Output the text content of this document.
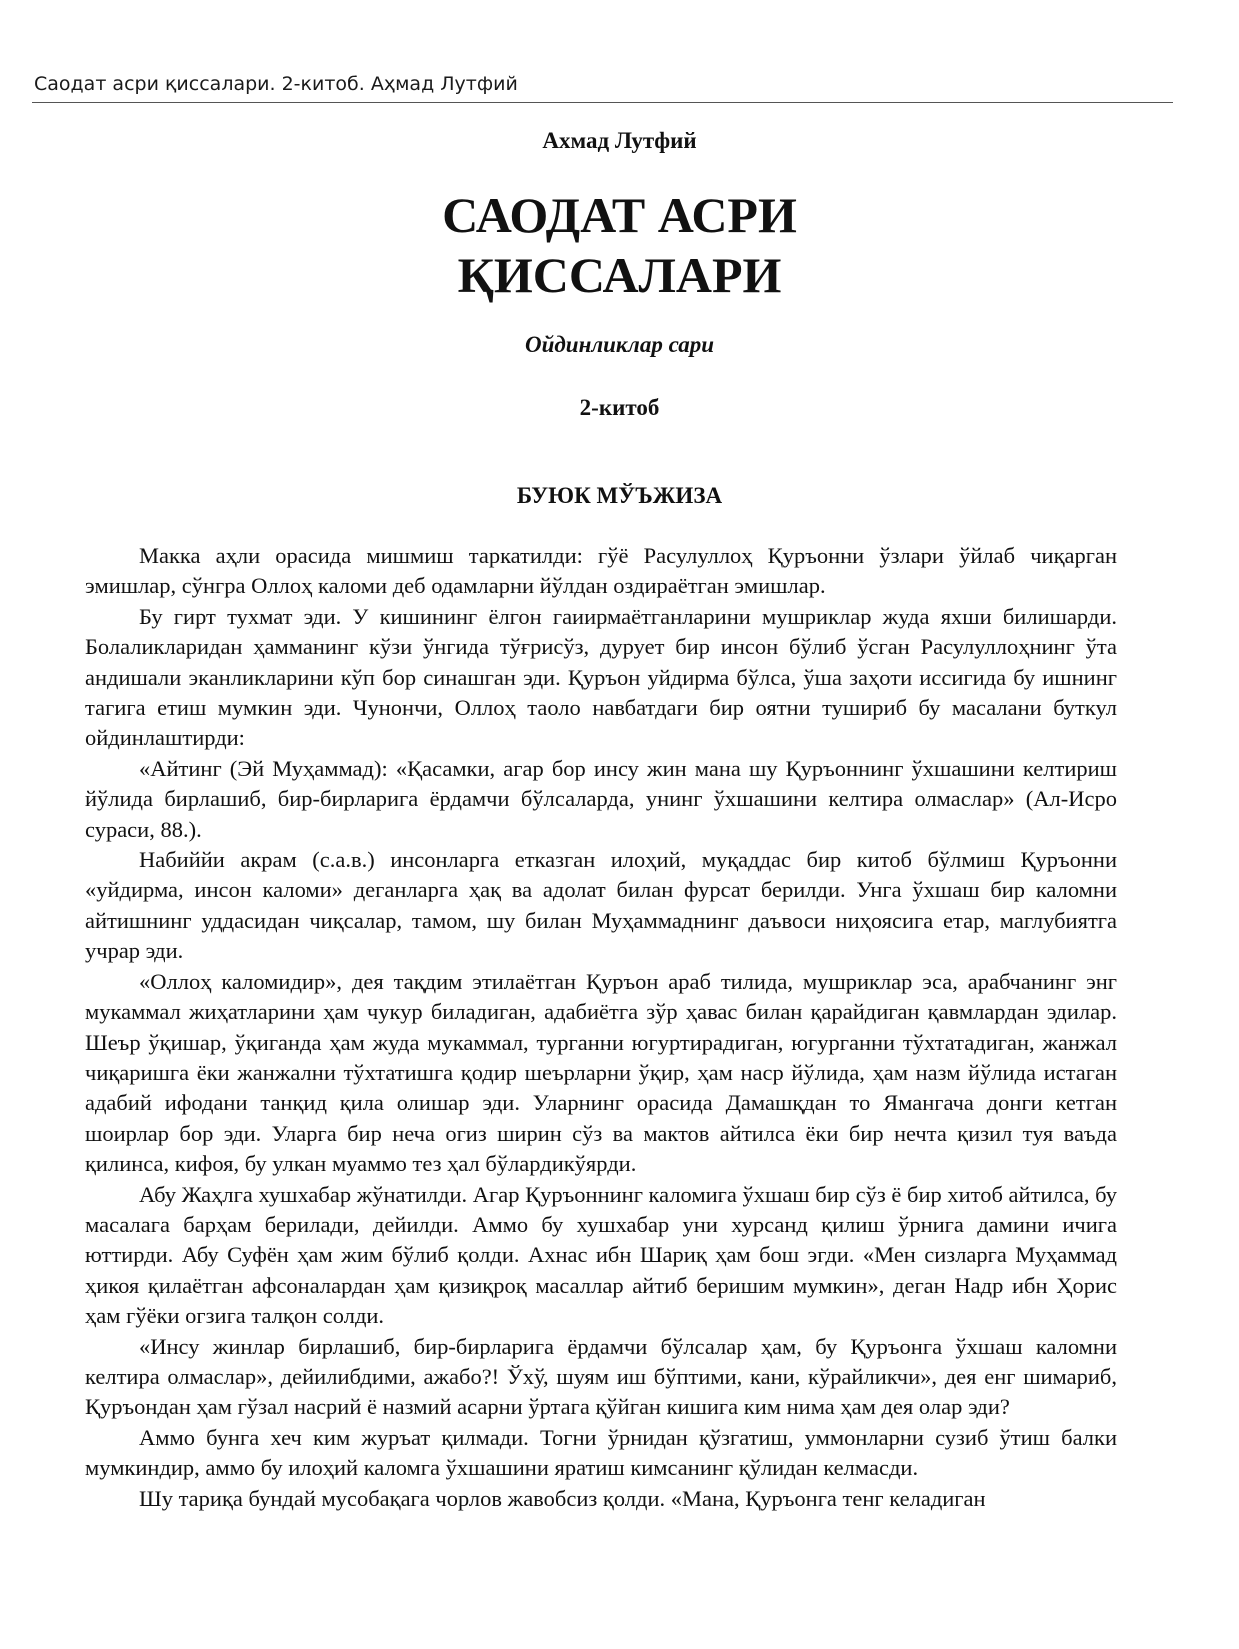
Саодат асри қиссалари. 2-китоб. Аҳмад Лутфий
Ахмад Лутфий
САОДАТ АСРИ
ҚИССАЛАРИ
Ойдинликлар сари
2-китоб
БУЮК МЎЪЖИЗА

Макка аҳли орасида мишмиш таркатилди: гўё Расулуллоҳ Қуръонни ўзлари ўйлаб чиқарган эмишлар, сўнгра Оллоҳ каломи деб одамларни йўлдан оздираётган эмишлар.

Бу гирт тухмат эди. У кишининг ёлгон гаиирмаётганларини мушриклар жуда яхши билишарди. Болаликларидан ҳамманинг кўзи ўнгида тўғрисўз, дурует бир инсон бўлиб ўсган Расулуллоҳнинг ўта андишали эканликларини кўп бор синашган эди. Қуръон уйдирма бўлса, ўша заҳоти иссигида бу ишнинг тагига етиш мумкин эди. Чунончи, Оллоҳ таоло навбатдаги бир оятни тушириб бу масалани буткул ойдинлаштирди:

«Айтинг (Эй Муҳаммад): «Қасамки, агар бор инсу жин мана шу Қуръоннинг ўхшашини келтириш йўлида бирлашиб, бир-бирларига ёрдамчи бўлсаларда, унинг ўхшашини келтира олмаслар» (Ал-Исро сураси, 88.).

Набиййи акрам (с.а.в.) инсонларга етказган илоҳий, муқаддас бир китоб бўлмиш Қуръонни «уйдирма, инсон каломи» деганларга ҳақ ва адолат билан фурсат берилди. Унга ўхшаш бир каломни айтишнинг уддасидан чиқсалар, тамом, шу билан Муҳаммаднинг даъвоси ниҳоясига етар, маглубиятга учрар эди.

«Оллоҳ каломидир», дея тақдим этилаётган Қуръон араб тилида, мушриклар эса, арабчанинг энг мукаммал жиҳатларини ҳам чукур биладиган, адабиётга зўр ҳавас билан қарайдиган қавмлардан эдилар. Шеър ўқишар, ўқиганда ҳам жуда мукаммал, турганни югуртирадиган, югурганни тўхтатадиган, жанжал чиқаришга ёки жанжални тўхтатишга қодир шеърларни ўқир, ҳам наср йўлида, ҳам назм йўлида истаган адабий ифодани танқид қила олишар эди. Уларнинг орасида Дамашқдан то Ямангача донги кетган шоирлар бор эди. Уларга бир неча огиз ширин сўз ва мактов айтилса ёки бир нечта қизил туя ваъда қилинса, кифоя, бу улкан муаммо тез ҳал бўлардикўярди.

Абу Жаҳлга хушхабар жўнатилди. Агар Қуръоннинг каломига ўхшаш бир сўз ё бир хитоб айтилса, бу масалага барҳам берилади, дейилди. Аммо бу хушхабар уни хурсанд қилиш ўрнига дамини ичига юттирди. Абу Суфён ҳам жим бўлиб қолди. Ахнас ибн Шариқ ҳам бош эгди. «Мен сизларга Муҳаммад ҳикоя қилаётган афсоналардан ҳам қизиқроқ масаллар айтиб беришим мумкин», деган Надр ибн Ҳорис ҳам гўёки огзига талқон солди.

«Инсу жинлар бирлашиб, бир-бирларига ёрдамчи бўлсалар ҳам, бу Қуръонга ўхшаш каломни келтира олмаслар», дейилибдими, ажабо?! Ўхў, шуям иш бўптими, кани, кўрайликчи», дея енг шимариб, Қуръондан ҳам гўзал насрий ё назмий асарни ўртага қўйган кишига ким нима ҳам дея олар эди?

Аммо бунга хеч ким журъат қилмади. Тогни ўрнидан қўзгатиш, уммонларни сузиб ўтиш балки мумкиндир, аммо бу илоҳий каломга ўхшашини яратиш кимсанинг қўлидан келмасди.

Шу тариқа бундай мусобақага чорлов жавобсиз қолди. «Мана, Қуръонга тенг келадиган
